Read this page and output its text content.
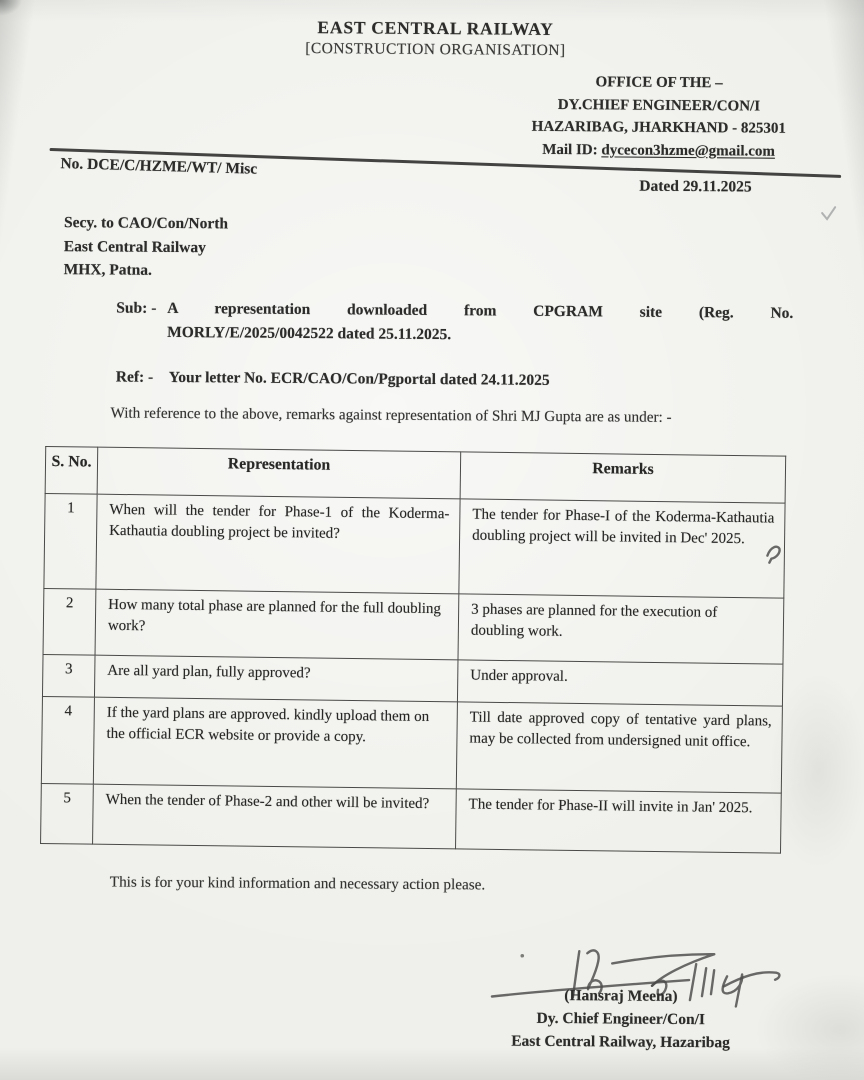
EAST CENTRAL RAILWAY
[CONSTRUCTION ORGANISATION]
OFFICE OF THE –
DY.CHIEF ENGINEER/CON/I
HAZARIBAG, JHARKHAND - 825301
Mail ID: dycecon3hzme@gmail.com
No. DCE/C/HZME/WT/ Misc
Dated 29.11.2025
Secy. to CAO/Con/North
East Central Railway
MHX, Patna.
Sub: - A representation downloaded from CPGRAM site (Reg. No.
MORLY/E/2025/0042522 dated 25.11.2025.
Ref: - Your letter No. ECR/CAO/Con/Pgportal dated 24.11.2025
With reference to the above, remarks against representation of Shri MJ Gupta are as under: -
S. No.	Representation	Remarks
1	When will the tender for Phase-1 of the Koderma-Kathautia doubling project be invited?	The tender for Phase-I of the Koderma-Kathautia doubling project will be invited in Dec' 2025.
2	How many total phase are planned for the full doubling work?	3 phases are planned for the execution of doubling work.
3	Are all yard plan, fully approved?	Under approval.
4	If the yard plans are approved. kindly upload them on the official ECR website or provide a copy.	Till date approved copy of tentative yard plans, may be collected from undersigned unit office.
5	When the tender of Phase-2 and other will be invited?	The tender for Phase-II will invite in Jan' 2025.
This is for your kind information and necessary action please.
(Hansraj Meena)
Dy. Chief Engineer/Con/I
East Central Railway, Hazaribag
